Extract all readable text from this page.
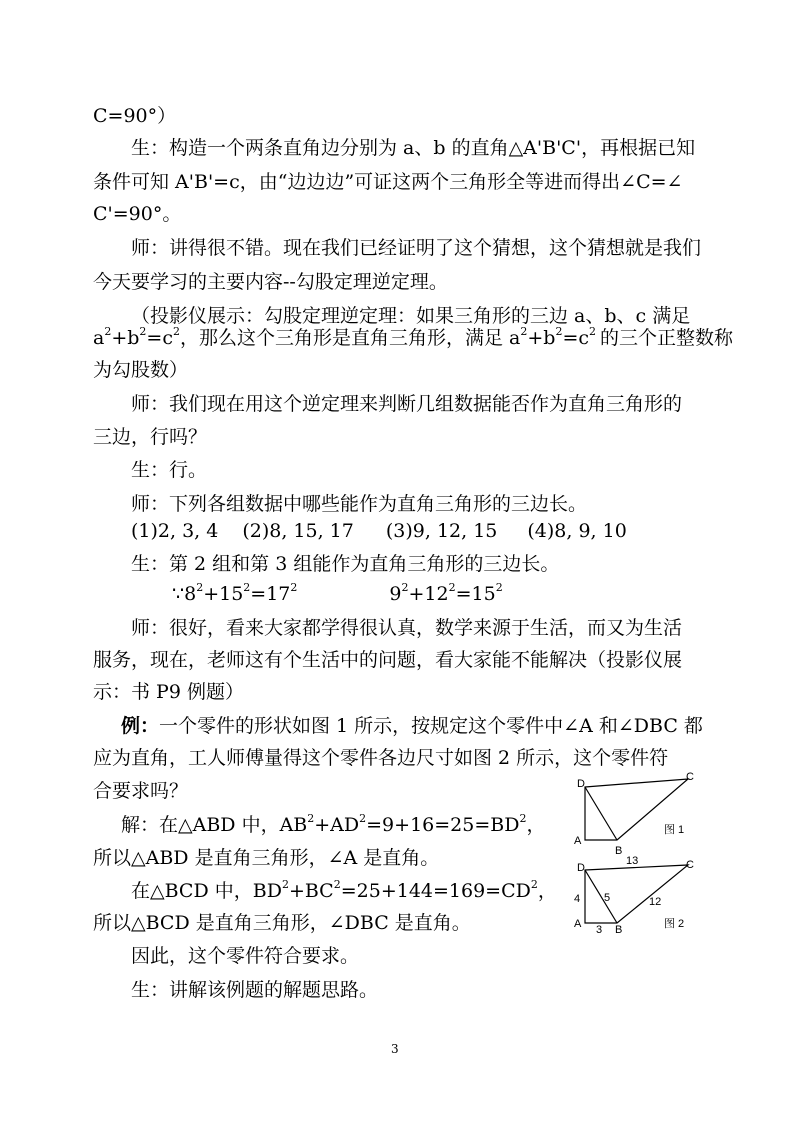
C=90°）
生：构造一个两条直角边分别为 a、b 的直角△A'B'C'，再根据已知
条件可知 A'B'=c，由“边边边”可证这两个三角形全等进而得出∠C=∠
C'=90°。
师：讲得很不错。现在我们已经证明了这个猜想，这个猜想就是我们
今天要学习的主要内容--勾股定理逆定理。
（投影仪展示：勾股定理逆定理：如果三角形的三边 a、b、c 满足
$a^2+b^2=c^2$，那么这个三角形是直角三角形，满足 $a^2+b^2=c^2$ 的三个正整数称
为勾股数）
师：我们现在用这个逆定理来判断几组数据能否作为直角三角形的
三边，行吗？
生：行。
师：下列各组数据中哪些能作为直角三角形的三边长。
(1)2, 3, 4 (2)8, 15, 17 (3)9, 12, 15 (4)8, 9, 10
生：第 2 组和第 3 组能作为直角三角形的三边长。
$\because 8^2+15^2=17^2$	$9^2+12^2=15^2$
师：很好，看来大家都学得很认真，数学来源于生活，而又为生活
服务，现在，老师这有个生活中的问题，看大家能不能解决（投影仪展
示：书 P9 例题）
例：一个零件的形状如图 1 所示，按规定这个零件中∠A 和∠DBC 都
应为直角，工人师傅量得这个零件各边尺寸如图 2 所示，这个零件符
合要求吗？
解：在△ABD 中，$AB^2+AD^2=9+16=25=BD^2$，
所以△ABD 是直角三角形，∠A 是直角。
在△BCD 中，$BD^2+BC^2=25+144=169=CD^2$，
所以△BCD 是直角三角形，∠DBC 是直角。
因此，这个零件符合要求。
生：讲解该例题的解题思路。
D
C
A
B
图 1
D	C
A	B
13
4 5	12
3	图 2
3
